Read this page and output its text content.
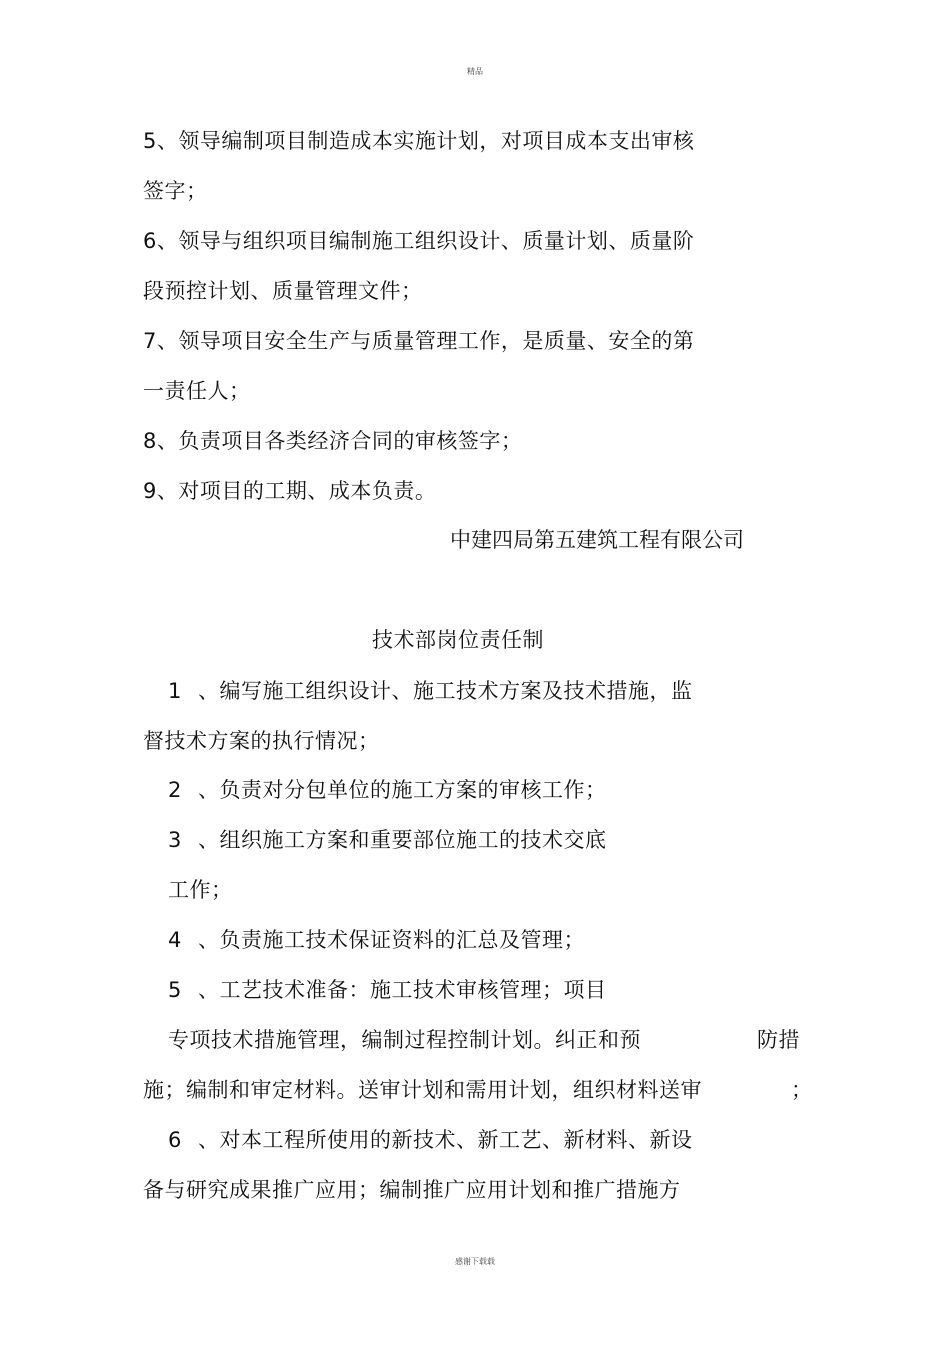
精品
5、领导编制项目制造成本实施计划，对项目成本支出审核
签字；
6、领导与组织项目编制施工组织设计、质量计划、质量阶
段预控计划、质量管理文件；
7、领导项目安全生产与质量管理工作，是质量、安全的第
一责任人；
8、负责项目各类经济合同的审核签字；
9、对项目的工期、成本负责。
中建四局第五建筑工程有限公司
技术部岗位责任制
1 、编写施工组织设计、施工技术方案及技术措施，监
督技术方案的执行情况；
2 、负责对分包单位的施工方案的审核工作；
3 、组织施工方案和重要部位施工的技术交底
工作；
4 、负责施工技术保证资料的汇总及管理；
5 、工艺技术准备：施工技术审核管理；项目
专项技术措施管理，编制过程控制计划。纠正和预	防措
施；编制和审定材料。送审计划和需用计划，组织材料送审	；
6 、对本工程所使用的新技术、新工艺、新材料、新设
备与研究成果推广应用；编制推广应用计划和推广措施方
感谢下载载
